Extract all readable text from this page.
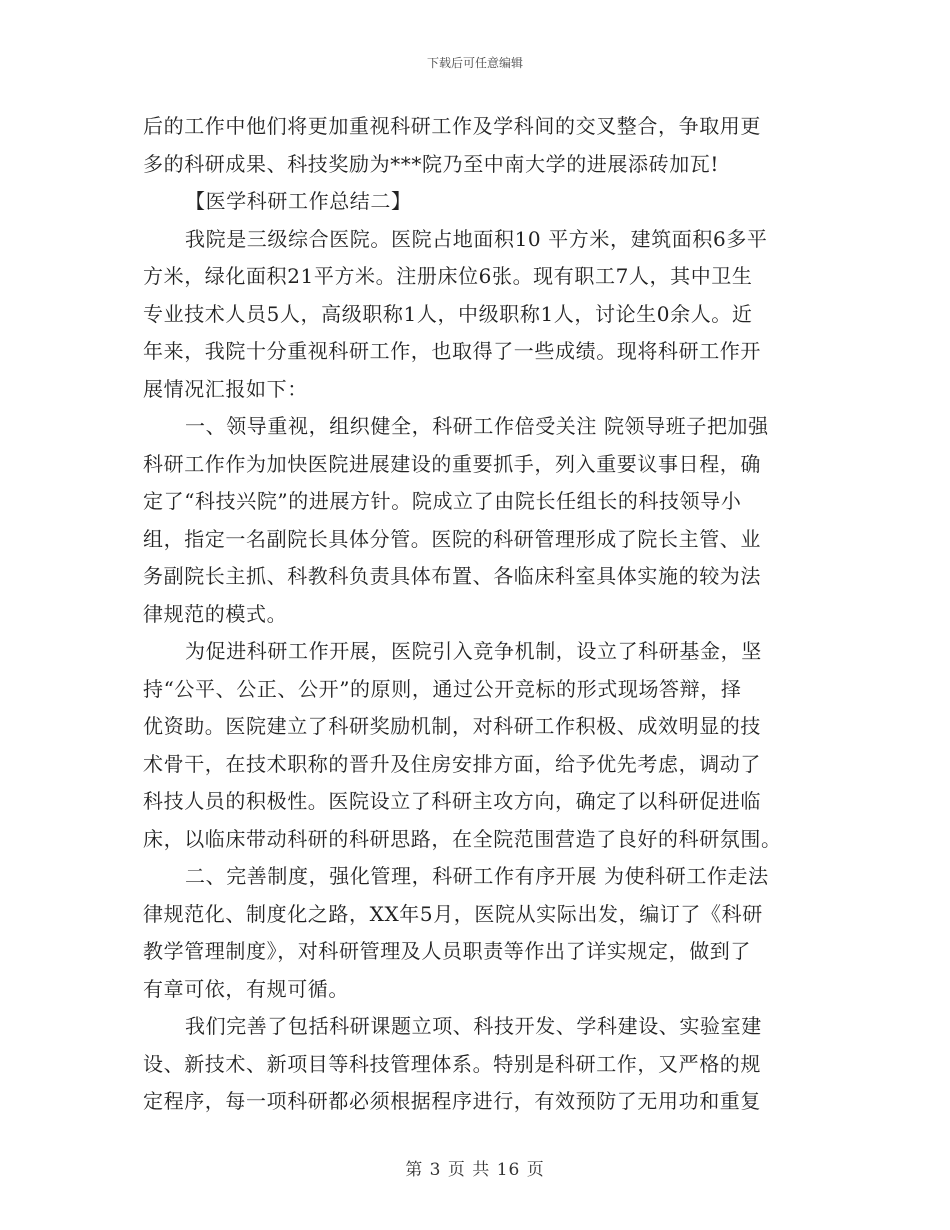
下载后可任意编辑
后的工作中他们将更加重视科研工作及学科间的交叉整合，争取用更
多的科研成果、科技奖励为***院乃至中南大学的进展添砖加瓦!
【医学科研工作总结二】
我院是三级综合医院。医院占地面积10 平方米，建筑面积6多平
方米，绿化面积21平方米。注册床位6张。现有职工7人，其中卫生
专业技术人员5人，高级职称1人，中级职称1人，讨论生0余人。近
年来，我院十分重视科研工作，也取得了一些成绩。现将科研工作开
展情况汇报如下：
一、领导重视，组织健全，科研工作倍受关注 院领导班子把加强
科研工作作为加快医院进展建设的重要抓手，列入重要议事日程，确
定了“科技兴院”的进展方针。院成立了由院长任组长的科技领导小
组，指定一名副院长具体分管。医院的科研管理形成了院长主管、业
务副院长主抓、科教科负责具体布置、各临床科室具体实施的较为法
律规范的模式。
为促进科研工作开展，医院引入竞争机制，设立了科研基金，坚
持“公平、公正、公开”的原则，通过公开竞标的形式现场答辩，择
优资助。医院建立了科研奖励机制，对科研工作积极、成效明显的技
术骨干，在技术职称的晋升及住房安排方面，给予优先考虑，调动了
科技人员的积极性。医院设立了科研主攻方向，确定了以科研促进临
床，以临床带动科研的科研思路，在全院范围营造了良好的科研氛围。
二、完善制度，强化管理，科研工作有序开展 为使科研工作走法
律规范化、制度化之路，XX年5月，医院从实际出发，编订了《科研
教学管理制度》，对科研管理及人员职责等作出了详实规定，做到了
有章可依，有规可循。
我们完善了包括科研课题立项、科技开发、学科建设、实验室建
设、新技术、新项目等科技管理体系。特别是科研工作，又严格的规
定程序，每一项科研都必须根据程序进行，有效预防了无用功和重复
第 3 页 共 16 页
